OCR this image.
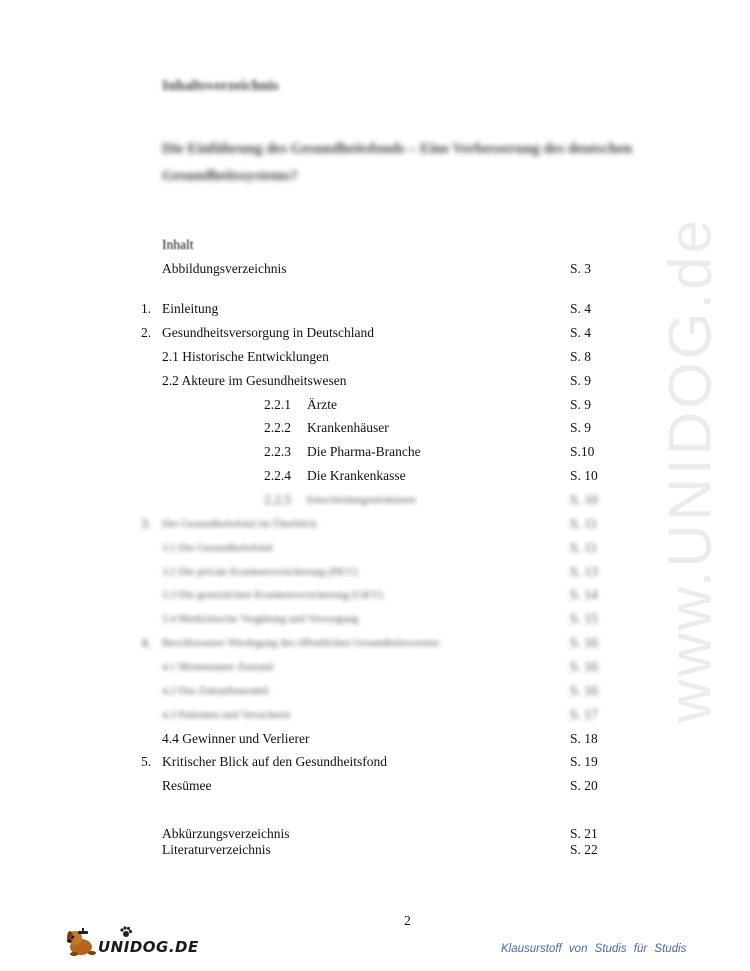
www.UNIDOG.de
Inhaltsverzeichnis
Die Einführung des Gesundheitsfonds – Eine Verbesserung des deutschen Gesundheitssystems?
Inhalt
Abbildungsverzeichnis	S. 3
1. Einleitung	S. 4
2. Gesundheitsversorgung in Deutschland	S. 4
2.1 Historische Entwicklungen	S. 8
2.2 Akteure im Gesundheitswesen	S. 9
2.2.1 Ärzte	S. 9
2.2.2 Krankenhäuser	S. 9
2.2.3 Die Pharma-Branche	S.10
2.2.4 Die Krankenkasse	S. 10
2.2.5 Entscheidungsstrukturen	S. 10
3. Der Gesundheitsfond im Überblick	S. 11
3.1 Der Gesundheitsfond	S. 11
3.2 Die private Krankenversicherung (PKV)	S. 13
3.3 Die gesetzlichen Krankenversicherung (GKV)	S. 14
3.4 Medizinische Vergütung und Versorgung	S. 15
4. Beschlossener Werdegang des öffentlichen Gesundheitswesens	S. 16
4.1 Momentaner Zustand	S. 16
4.2 Das Zukunftsmodell	S. 16
4.3 Patienten und Versicherte	S. 17
4.4 Gewinner und Verlierer	S. 18
5. Kritischer Blick auf den Gesundheitsfond	S. 19
Resümee	S. 20
Abkürzungsverzeichnis	S. 21
Literaturverzeichnis	S. 22
2
UNIDOG.DE	Klausurstoff von Studis für Studis
